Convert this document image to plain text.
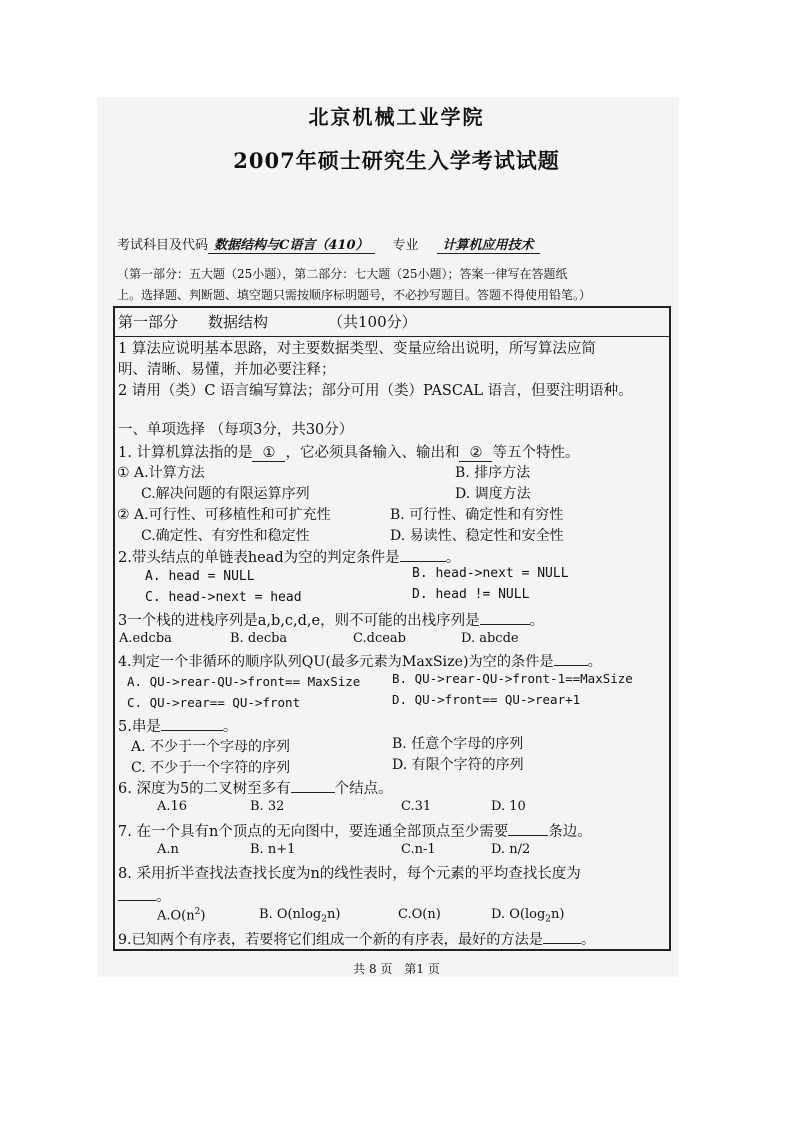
北京机械工业学院
2007年硕士研究生入学考试试题
考试科目及代码 数据结构与C语言（410） 专业 计算机应用技术
（第一部分：五大题（25小题），第二部分：七大题（25小题）；答案一律写在答题纸
上。选择题、判断题、填空题只需按顺序标明题号，不必抄写题目。答题不得使用铅笔。）
第一部分　　数据结构	（共100分）
1 算法应说明基本思路，对主要数据类型、变量应给出说明，所写算法应简
明、清晰、易懂，并加必要注释；
2 请用（类）C 语言编写算法；部分可用（类）PASCAL 语言，但要注明语种。
一、单项选择 （每项3分，共30分）
1. 计算机算法指的是 ① ，它必须具备输入、输出和 ② 等五个特性。
① A.计算方法	B. 排序方法
C.解决问题的有限运算序列	D. 调度方法
② A.可行性、可移植性和可扩充性	B. 可行性、确定性和有穷性
C.确定性、有穷性和稳定性	D. 易读性、稳定性和安全性
2.带头结点的单链表head为空的判定条件是	。
A. head = NULL	B. head->next = NULL
C. head->next = head	D. head != NULL
3一个栈的进栈序列是a,b,c,d,e，则不可能的出栈序列是	。
A.edcba	B. decba	C.dceab	D. abcde
4.判定一个非循环的顺序队列QU(最多元素为MaxSize)为空的条件是 。
A. QU->rear-QU->front== MaxSize	B. QU->rear-QU->front-1==MaxSize
C. QU->rear== QU->front	D. QU->front== QU->rear+1
5.串是	。
A. 不少于一个字母的序列	B. 任意个字母的序列
C. 不少于一个字符的序列	D. 有限个字符的序列
6. 深度为5的二叉树至多有	个结点。
A.16	B. 32	C.31	D. 10
7. 在一个具有n个顶点的无向图中，要连通全部顶点至少需要	条边。
A.n	B. n+1	C.n-1	D. n/2
8. 采用折半查找法查找长度为n的线性表时，每个元素的平均查找长度为
。
$A.O(n^2)$	B. O(nlog$_2$n)	C.O(n)	D. $O(\log_2n)$
9.已知两个有序表，若要将它们组成一个新的有序表，最好的方法是	。
共 8 页　第1 页
